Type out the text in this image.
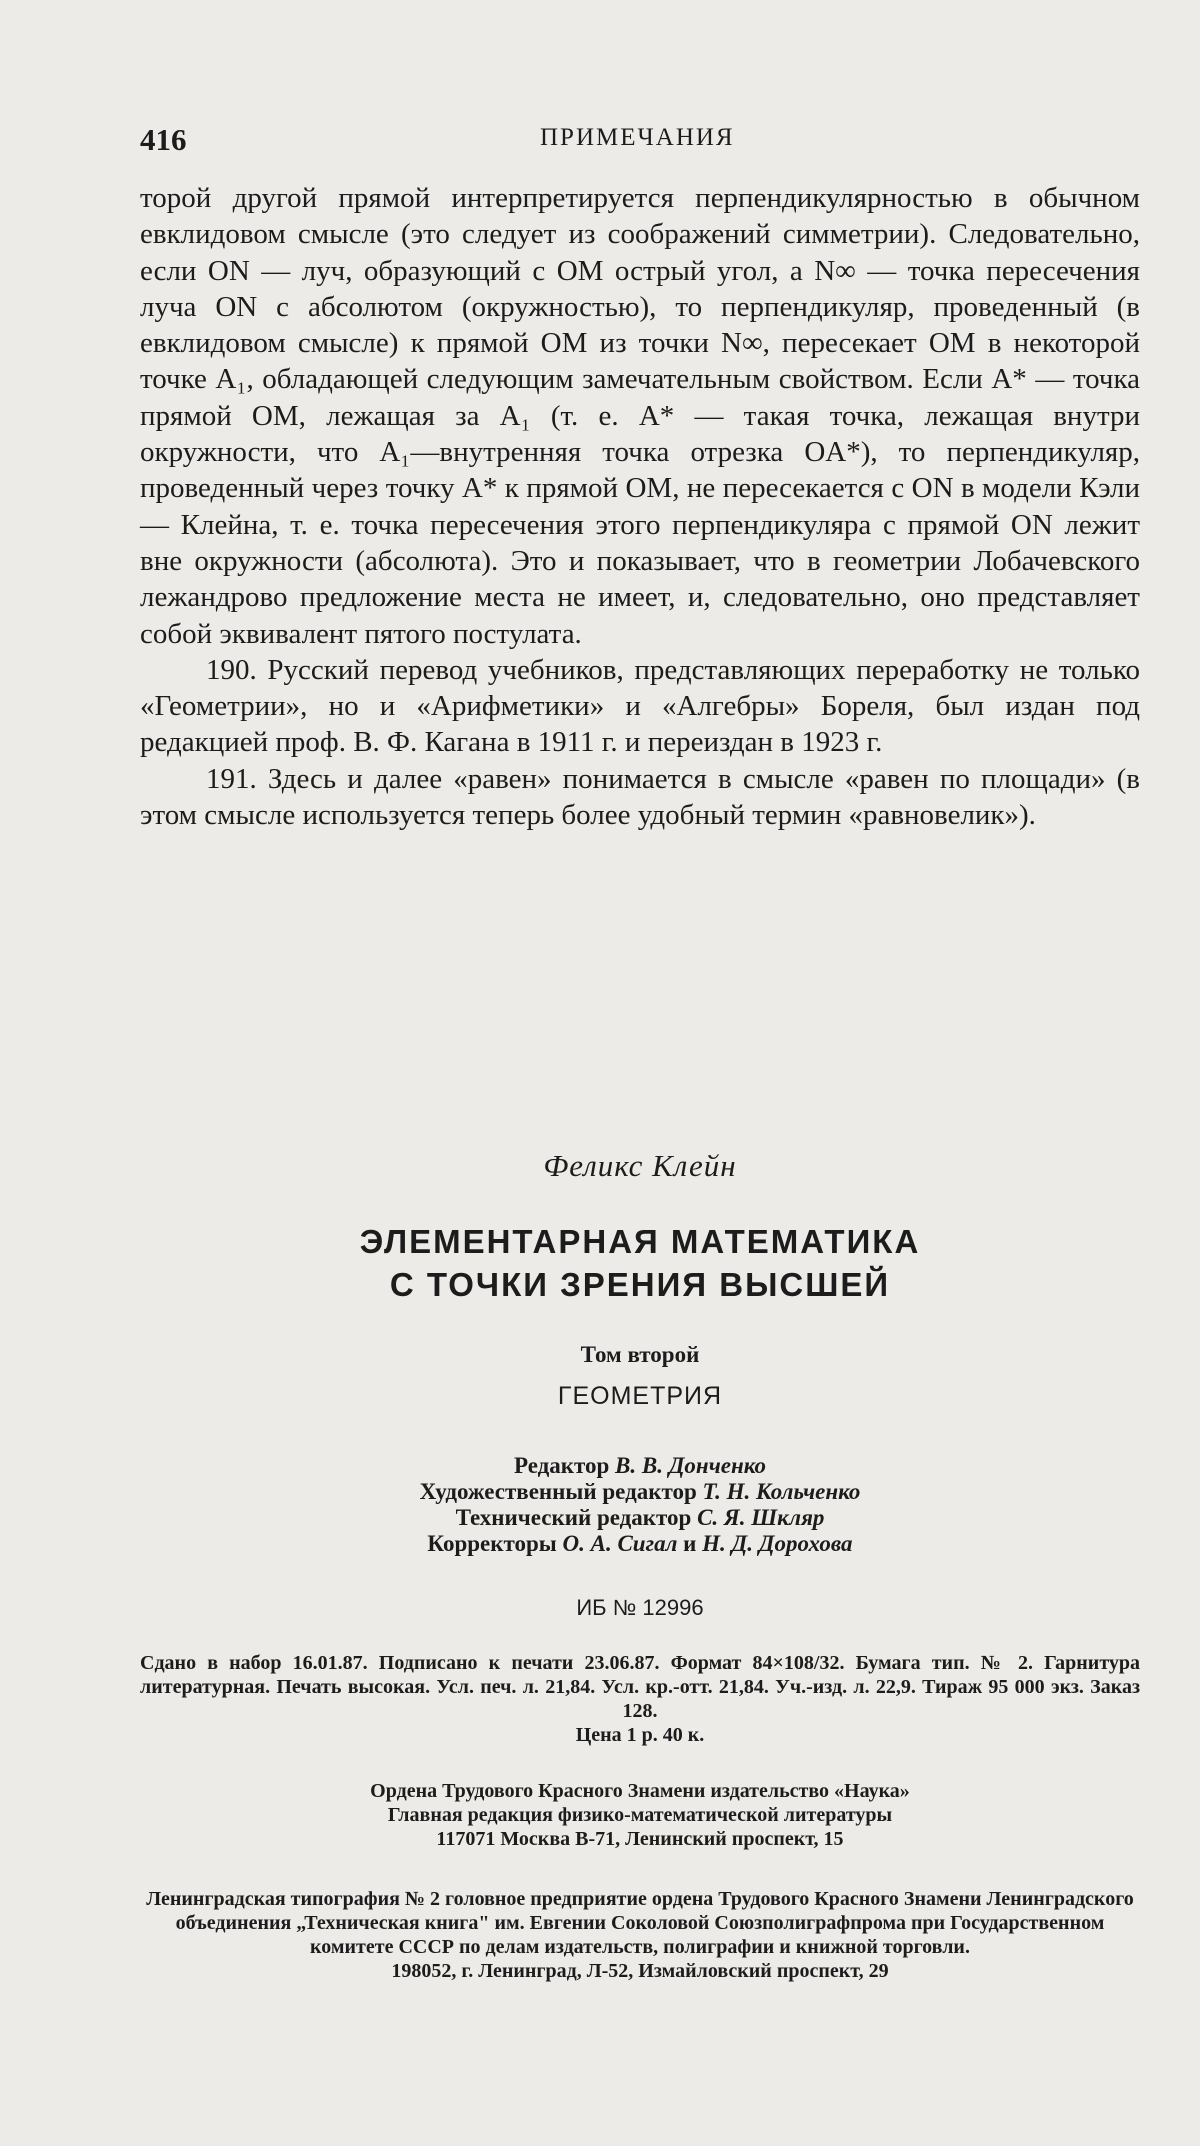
416	ПРИМЕЧАНИЯ

торой другой прямой интерпретируется перпендикулярностью в обычном евклидовом смысле (это следует из соображений симметрии). Следовательно, если ON — луч, образующий с OM острый угол, а N∞ — точка пересечения луча ON с абсолютом (окружностью), то перпендикуляр, проведенный (в евклидовом смысле) к прямой OM из точки N∞, пересекает OM в некоторой точке A₁, обладающей следующим замечательным свойством. Если A* — точка прямой OM, лежащая за A₁ (т. е. A* — такая точка, лежащая внутри окружности, что A₁—внутренняя точка отрезка OA*), то перпендикуляр, проведенный через точку A* к прямой OM, не пересекается с ON в модели Кэли — Клейна, т. е. точка пересечения этого перпендикуляра с прямой ON лежит вне окружности (абсолюта). Это и показывает, что в геометрии Лобачевского лежандрово предложение места не имеет, и, следовательно, оно представляет собой эквивалент пятого постулата.

190. Русский перевод учебников, представляющих переработку не только «Геометрии», но и «Арифметики» и «Алгебры» Бореля, был издан под редакцией проф. В. Ф. Кагана в 1911 г. и переиздан в 1923 г.

191. Здесь и далее «равен» понимается в смысле «равен по площади» (в этом смысле используется теперь более удобный термин «равновелик»).

Феликс Клейн

ЭЛЕМЕНТАРНАЯ МАТЕМАТИКА
С ТОЧКИ ЗРЕНИЯ ВЫСШЕЙ

Том второй

ГЕОМЕТРИЯ

Редактор В. В. Донченко
Художественный редактор Т. Н. Кольченко
Технический редактор С. Я. Шкляр
Корректоры О. А. Сигал и Н. Д. Дорохова

ИБ № 12996

Сдано в набор 16.01.87. Подписано к печати 23.06.87. Формат 84×108/32. Бумага тип. № 2. Гарнитура литературная. Печать высокая. Усл. печ. л. 21,84. Усл. кр.-отт. 21,84. Уч.-изд. л. 22,9. Тираж 95 000 экз. Заказ 128.
Цена 1 р. 40 к.
Ордена Трудового Красного Знамени издательство «Наука»
Главная редакция физико-математической литературы
117071 Москва В-71, Ленинский проспект, 15
Ленинградская типография № 2 головное предприятие ордена Трудового Красного Знамени Ленинградского объединения „Техническая книга" им. Евгении Соколовой Союзполиграфпрома при Государственном комитете СССР по делам издательств, полиграфии и книжной торговли.
198052, г. Ленинград, Л-52, Измайловский проспект, 29
